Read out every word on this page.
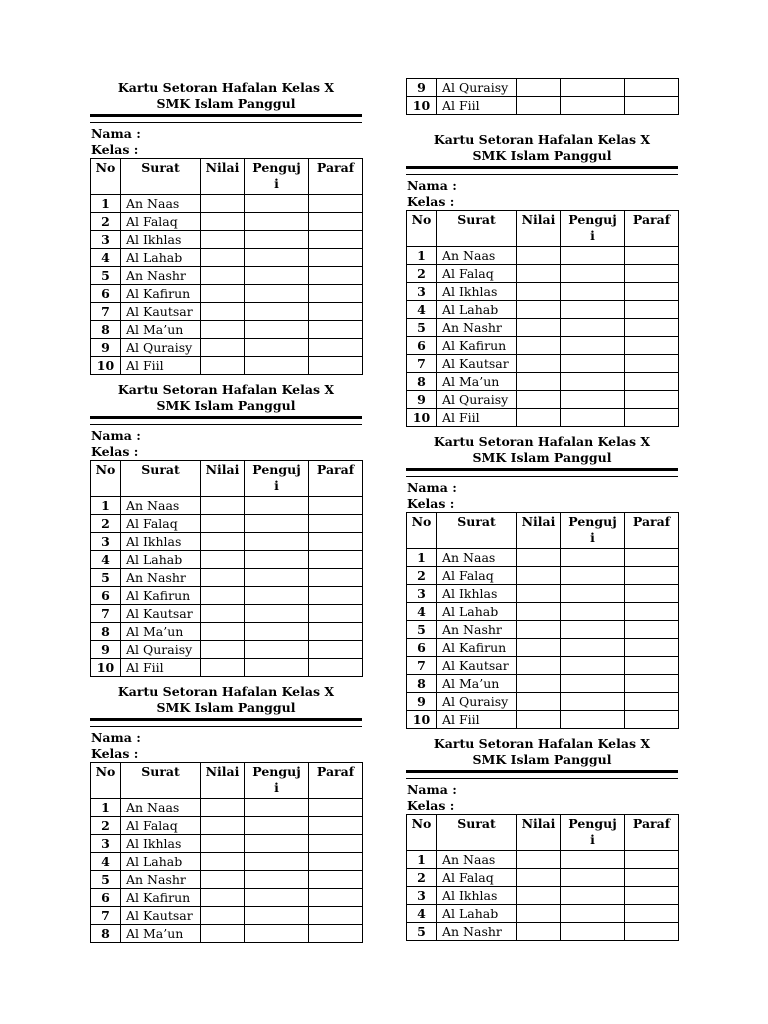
9	Al Quraisy			
10	Al Fiil			
Kartu Setoran Hafalan Kelas X
SMK Islam Panggul
Nama :
Kelas :
No	Surat	Nilai	Penguj i	Paraf
1	An Naas			
2	Al Falaq			
3	Al Ikhlas			
4	Al Lahab			
5	An Nashr			
6	Al Kafirun			
7	Al Kautsar			
8	Al Ma’un			
9	Al Quraisy			
10	Al Fiil			
Kartu Setoran Hafalan Kelas X
SMK Islam Panggul
Nama :
Kelas :
No	Surat	Nilai	Penguj i	Paraf
1	An Naas			
2	Al Falaq			
3	Al Ikhlas			
4	Al Lahab			
5	An Nashr			
6	Al Kafirun			
7	Al Kautsar			
8	Al Ma’un			
9	Al Quraisy			
10	Al Fiil			
Kartu Setoran Hafalan Kelas X
SMK Islam Panggul
Nama :
Kelas :
No	Surat	Nilai	Penguj i	Paraf
1	An Naas			
2	Al Falaq			
3	Al Ikhlas			
4	Al Lahab			
5	An Nashr			
6	Al Kafirun			
7	Al Kautsar			
8	Al Ma’un			
Kartu Setoran Hafalan Kelas X
SMK Islam Panggul
Nama :
Kelas :
No	Surat	Nilai	Penguj i	Paraf
1	An Naas			
2	Al Falaq			
3	Al Ikhlas			
4	Al Lahab			
5	An Nashr			
6	Al Kafirun			
7	Al Kautsar			
8	Al Ma’un			
9	Al Quraisy			
10	Al Fiil			
Kartu Setoran Hafalan Kelas X
SMK Islam Panggul
Nama :
Kelas :
No	Surat	Nilai	Penguj i	Paraf
1	An Naas			
2	Al Falaq			
3	Al Ikhlas			
4	Al Lahab			
5	An Nashr			
6	Al Kafirun			
7	Al Kautsar			
8	Al Ma’un			
9	Al Quraisy			
10	Al Fiil			
Kartu Setoran Hafalan Kelas X
SMK Islam Panggul
Nama :
Kelas :
No	Surat	Nilai	Penguj i	Paraf
1	An Naas			
2	Al Falaq			
3	Al Ikhlas			
4	Al Lahab			
5	An Nashr			
